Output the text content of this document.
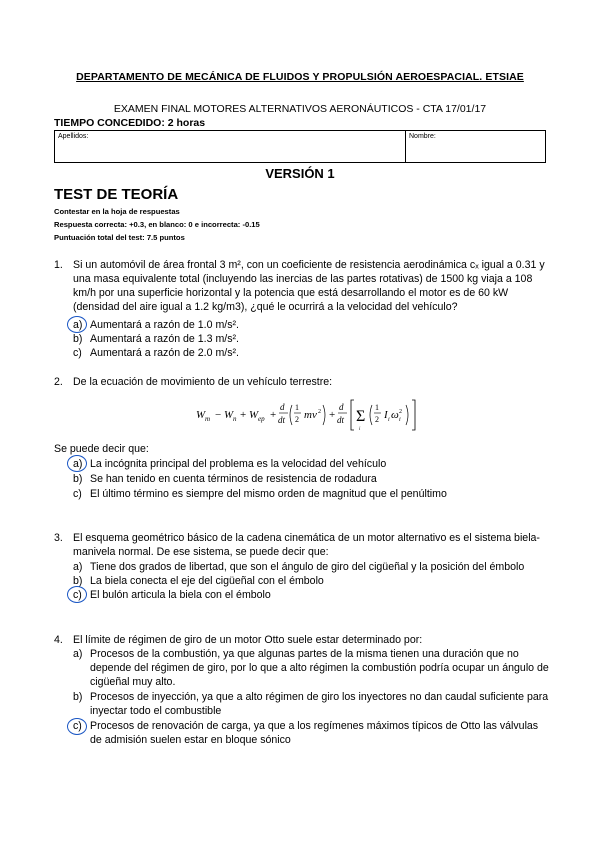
DEPARTAMENTO DE MECÁNICA DE FLUIDOS Y PROPULSIÓN AEROESPACIAL. ETSIAE
EXAMEN FINAL MOTORES ALTERNATIVOS AERONÁUTICOS - CTA 17/01/17
TIEMPO CONCEDIDO: 2 horas
Apellidos:	Nombre:
VERSIÓN 1
TEST DE TEORÍA
Contestar en la hoja de respuestas
Respuesta correcta: +0.3, en blanco: 0 e incorrecta: -0.15
Puntuación total del test: 7.5 puntos
1. Si un automóvil de área frontal 3 m², con un coeficiente de resistencia aerodinámica cₓ igual a 0.31 y una masa equivalente total (incluyendo las inercias de las partes rotativas) de 1500 kg viaja a 108 km/h por una superficie horizontal y la potencia que está desarrollando el motor es de 60 kW (densidad del aire igual a 1.2 kg/m3), ¿qué le ocurrirá a la velocidad del vehículo?
a) Aumentará a razón de 1.0 m/s².
b) Aumentará a razón de 1.3 m/s².
c) Aumentará a razón de 2.0 m/s².
2. De la ecuación de movimiento de un vehículo terrestre:
W m − W n + W ep +
d
dt
1
2 mv 2 +
d
dt Σ
i
1
2 I i ω i
2
Se puede decir que:
a) La incógnita principal del problema es la velocidad del vehículo
b) Se han tenido en cuenta términos de resistencia de rodadura
c) El último término es siempre del mismo orden de magnitud que el penúltimo
3. El esquema geométrico básico de la cadena cinemática de un motor alternativo es el sistema biela-manivela normal. De ese sistema, se puede decir que:
a) Tiene dos grados de libertad, que son el ángulo de giro del cigüeñal y la posición del émbolo
b) La biela conecta el eje del cigüeñal con el émbolo
c) El bulón articula la biela con el émbolo
4. El límite de régimen de giro de un motor Otto suele estar determinado por:
a) Procesos de la combustión, ya que algunas partes de la misma tienen una duración que no depende del régimen de giro, por lo que a alto régimen la combustión podría ocupar un ángulo de cigüeñal muy alto.
b) Procesos de inyección, ya que a alto régimen de giro los inyectores no dan caudal suficiente para inyectar todo el combustible
c) Procesos de renovación de carga, ya que a los regímenes máximos típicos de Otto las válvulas de admisión suelen estar en bloque sónico
